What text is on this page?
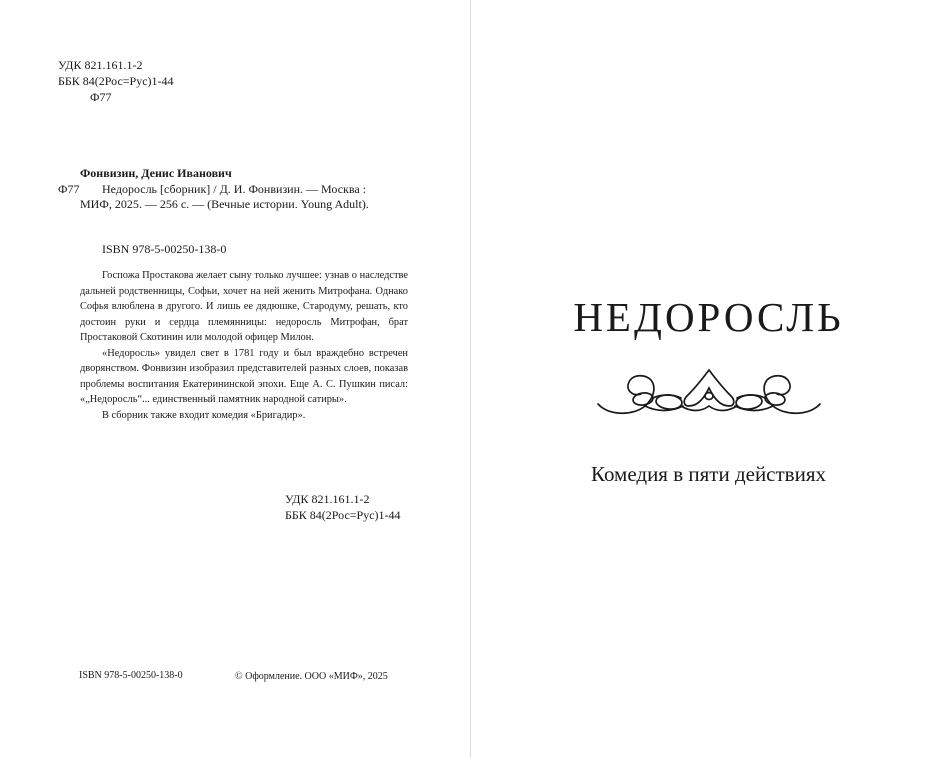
УДК 821.161.1-2
ББК 84(2Рос=Рус)1-44
Ф77
Фонвизин, Денис Иванович
Ф77 Недоросль [сборник] / Д. И. Фонвизин. — Москва :
МИФ, 2025. — 256 с. — (Вечные истории. Young Adult).
ISBN 978-5-00250-138-0

Госпожа Простакова желает сыну только лучшее: узнав о наследстве дальней родственницы, Софьи, хочет на ней женить Митрофана. Однако Софья влюблена в другого. И лишь ее дядюшке, Стародуму, решать, кто достоин руки и сердца племянницы: недоросль Митрофан, брат Простаковой Скотинин или молодой офицер Милон.

«Недоросль» увидел свет в 1781 году и был враждебно встречен дворянством. Фонвизин изобразил представителей разных слоев, показав проблемы воспитания Екатерининской эпохи. Еще А. С. Пушкин писал: «„Недоросль“... единственный памятник народной сатиры».

В сборник также входит комедия «Бригадир».

УДК 821.161.1-2
ББК 84(2Рос=Рус)1-44
ISBN 978-5-00250-138-0	© Оформление. ООО «МИФ», 2025
НЕДОРОСЛЬ
Комедия в пяти действиях
